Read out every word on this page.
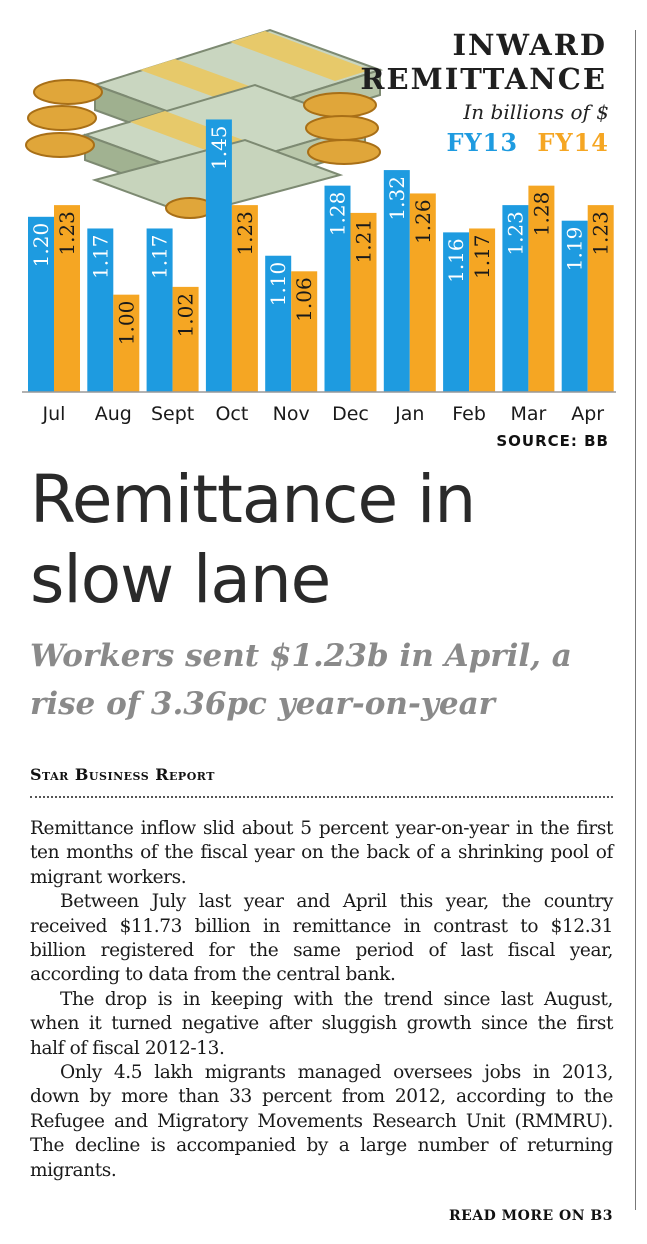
1.20 1.23
1.17
1.00
1.17
1.02
1.45
1.23
1.10 1.06
1.28
1.21
1.32
1.26
1.16 1.17
1.23 1.28
1.19 1.23
Jul Aug Sept Oct Nov Dec Jan Feb Mar Apr
INWARD
REMITTANCE
In billions of $
FY13 FY14
SOURCE: BB
Remittance in slow lane
Workers sent $1.23b in April, a rise of 3.36pc year-on-year
Star Business Report

Remittance inflow slid about 5 percent year-on-year in the first ten months of the fiscal year on the back of a shrinking pool of migrant workers.

Between July last year and April this year, the country received $11.73 billion in remittance in contrast to $12.31 billion registered for the same period of last fiscal year, according to data from the central bank.

The drop is in keeping with the trend since last August, when it turned negative after sluggish growth since the first half of fiscal 2012-13.

Only 4.5 lakh migrants managed oversees jobs in 2013, down by more than 33 percent from 2012, according to the Refugee and Migratory Movements Research Unit (RMMRU). The decline is accompanied by a large number of returning migrants.

READ MORE ON B3
